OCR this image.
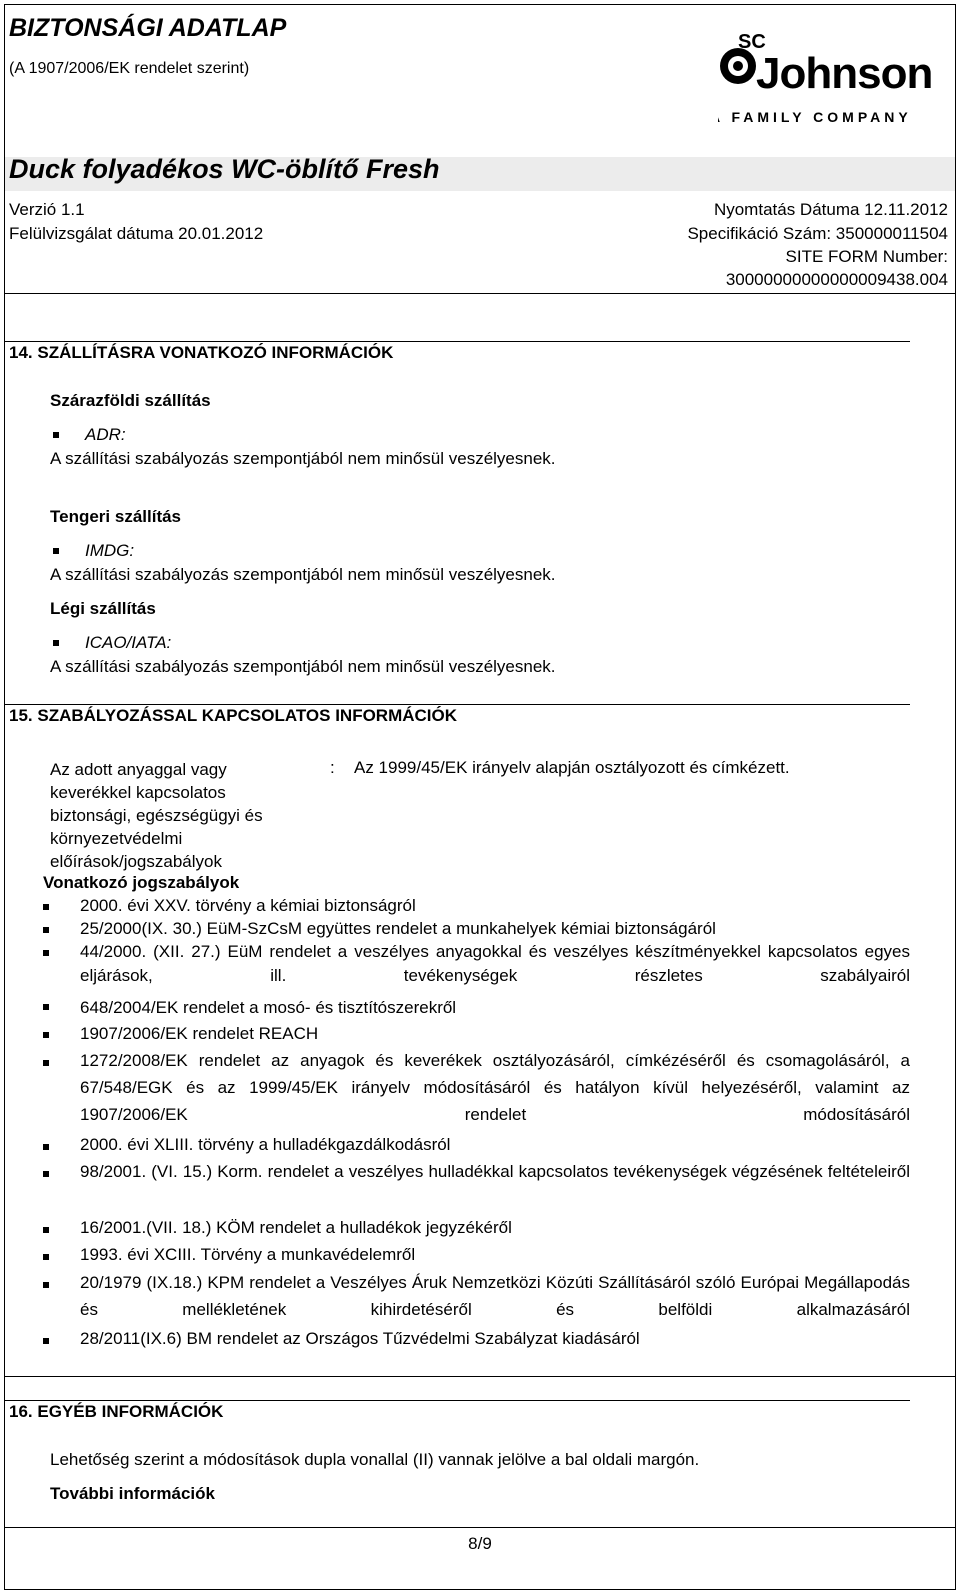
BIZTONSÁGI ADATLAP
(A 1907/2006/EK rendelet szerint)
SC
Johnson
A FAMILY COMPANY
Duck folyadékos WC-öblítő Fresh
Verzió 1.1
Felülvizsgálat dátuma 20.01.2012
Nyomtatás Dátuma 12.11.2012
Specifikáció Szám: 350000011504
SITE FORM Number:
30000000000000009438.004
14. SZÁLLÍTÁSRA VONATKOZÓ INFORMÁCIÓK
Szárazföldi szállítás
ADR:
A szállítási szabályozás szempontjából nem minősül veszélyesnek.
Tengeri szállítás
IMDG:
A szállítási szabályozás szempontjából nem minősül veszélyesnek.
Légi szállítás
ICAO/IATA:
A szállítási szabályozás szempontjából nem minősül veszélyesnek.
15. SZABÁLYOZÁSSAL KAPCSOLATOS INFORMÁCIÓK
Az adott anyaggal vagy
keverékkel kapcsolatos
biztonsági, egészségügyi és
környezetvédelmi
előírások/jogszabályok
: Az 1999/45/EK irányelv alapján osztályozott és címkézett.
Vonatkozó jogszabályok
2000. évi XXV. törvény a kémiai biztonságról
25/2000(IX. 30.) EüM-SzCsM együttes rendelet a munkahelyek kémiai biztonságáról
44/2000. (XII. 27.) EüM rendelet a veszélyes anyagokkal és veszélyes készítményekkel kapcsolatos egyes eljárások, ill. tevékenységek részletes szabályairól
648/2004/EK rendelet a mosó- és tisztítószerekről
1907/2006/EK rendelet REACH
1272/2008/EK rendelet az anyagok és keverékek osztályozásáról, címkézéséről és csomagolásáról, a 67/548/EGK és az 1999/45/EK irányelv módosításáról és hatályon kívül helyezéséről, valamint az 1907/2006/EK rendelet módosításáról
2000. évi XLIII. törvény a hulladékgazdálkodásról
98/2001. (VI. 15.) Korm. rendelet a veszélyes hulladékkal kapcsolatos tevékenységek végzésének feltételeiről
16/2001.(VII. 18.) KÖM rendelet a hulladékok jegyzékéről
1993. évi XCIII. Törvény a munkavédelemről
20/1979 (IX.18.) KPM rendelet a Veszélyes Áruk Nemzetközi Közúti Szállításáról szóló Európai Megállapodás és mellékletének kihirdetéséről és belföldi alkalmazásáról
28/2011(IX.6) BM rendelet az Országos Tűzvédelmi Szabályzat kiadásáról
16. EGYÉB INFORMÁCIÓK
Lehetőség szerint a módosítások dupla vonallal (II) vannak jelölve a bal oldali margón.
További információk
8/9
